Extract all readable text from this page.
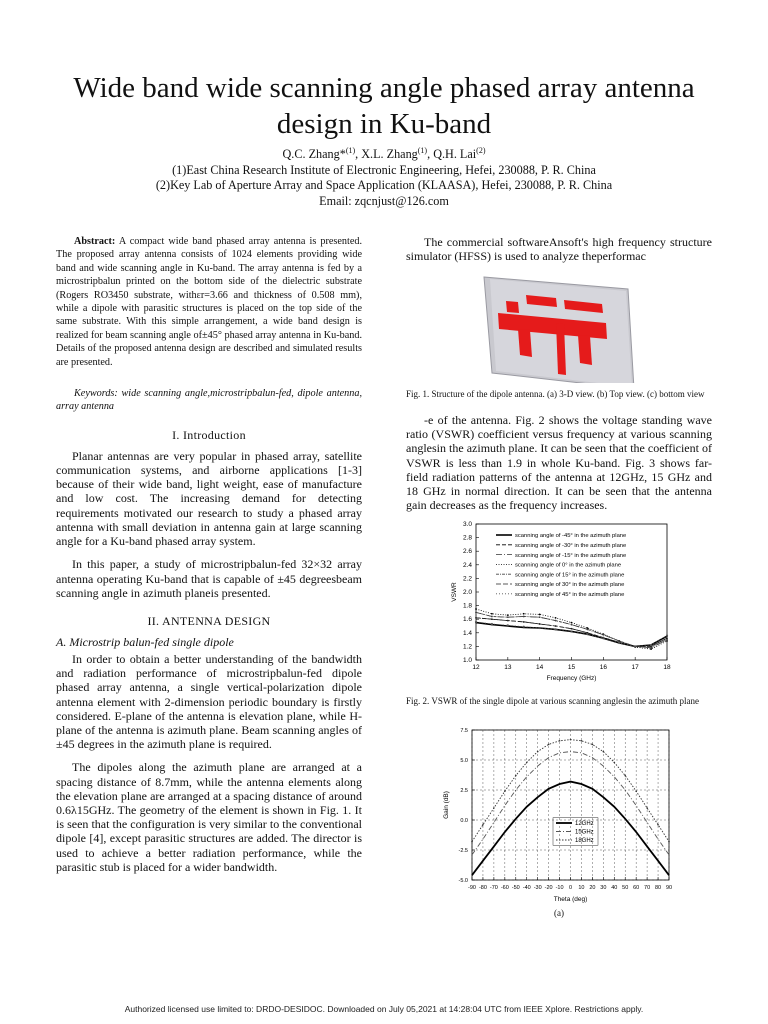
Wide band wide scanning angle phased array antenna design in Ku-band
Q.C. Zhang*$^{(1)}$, X.L. Zhang$^{(1)}$, Q.H. Lai$^{(2)}$
(1)East China Research Institute of Electronic Engineering, Hefei, 230088, P. R. China
(2)Key Lab of Aperture Array and Space Application (KLAASA), Hefei, 230088, P. R. China
Email: zqcnjust@126.com

Abstract: A compact wide band phased array antenna is presented. The proposed array antenna consists of 1024 elements providing wide band and wide scanning angle in Ku-band. The array antenna is fed by a microstripbalun printed on the bottom side of the dielectric substrate (Rogers RO3450 substrate, withεr=3.66 and thickness of 0.508 mm), while a dipole with parasitic structures is placed on the top side of the same substrate. With this simple arrangement, a wide band design is realized for beam scanning angle of±45° phased array antenna in Ku-band. Details of the proposed antenna design are described and simulated results are presented.

Keywords: wide scanning angle,microstripbalun-fed, dipole antenna, array antenna

I. Introduction

Planar antennas are very popular in phased array, satellite communication systems, and airborne applications [1-3] because of their wide band, light weight, ease of manufacture and low cost. The increasing demand for detecting requirements motivated our research to study a phased array antenna with small deviation in antenna gain at large scanning angle for a Ku-band phased array system.

In this paper, a study of microstripbalun-fed 32×32 array antenna operating Ku-band that is capable of ±45 degreesbeam scanning angle in azimuth planeis presented.

II. ANTENNA DESIGN
A. Microstrip balun-fed single dipole

In order to obtain a better understanding of the bandwidth and radiation performance of microstripbalun-fed dipole phased array antenna, a single vertical-polarization dipole antenna element with 2-dimension periodic boundary is firstly considered. E-plane of the antenna is elevation plane, while H-plane of the antenna is azimuth plane. Beam scanning angles of ±45 degrees in the azimuth plane is required.

The dipoles along the azimuth plane are arranged at a spacing distance of 8.7mm, while the antenna elements along the elevation plane are arranged at a spacing distance of around 0.6λ15GHz. The geometry of the element is shown in Fig. 1. It is seen that the configuration is very similar to the conventional dipole [4], except parasitic structures are added. The director is used to achieve a better radiation performance, while the parasitic stub is placed for a wider bandwidth.

The commercial softwareAnsoft's high frequency structure simulator (HFSS) is used to analyze theperformac

Fig. 1. Structure of the dipole antenna. (a) 3-D view. (b) Top view. (c) bottom view

-e of the antenna. Fig. 2 shows the voltage standing wave ratio (VSWR) coefficient versus frequency at various scanning anglesin the azimuth plane. It can be seen that the coefficient of VSWR is less than 1.9 in whole Ku-band. Fig. 3 shows far-field radiation patterns of the antenna at 12GHz, 15 GHz and 18 GHz in normal direction. It can be seen that the antenna gain decreases as the frequency increases.

12	13	14	15	16	17	18
1.0
1.2
1.4
1.6
1.8
2.0
2.2
2.4
2.6
2.8
3.0
Frequency (GHz)
VSWR
scanning angle of -45° in the azimuth plane
scanning angle of -30° in the azimuth plane
scanning angle of -15° in the azimuth plane
scanning angle of 0° in the azimuth plane
scanning angle of 15° in the azimuth plane
scanning angle of 30° in the azimuth plane
scanning angle of 45° in the azimuth plane

Fig. 2. VSWR of the single dipole at various scanning anglesin the azimuth plane

-90 -80 -70 -60 -50 -40 -30 -20 -10 0 10 20 30 40 50 60 70 80 90
-5.0
-2.5
0.0
2.5
5.0
7.5
Theta (deg)
Gain (dB)
12GHz
15GHz
18GHz
(a)
Authorized licensed use limited to: DRDO-DESIDOC. Downloaded on July 05,2021 at 14:28:04 UTC from IEEE Xplore. Restrictions apply.
